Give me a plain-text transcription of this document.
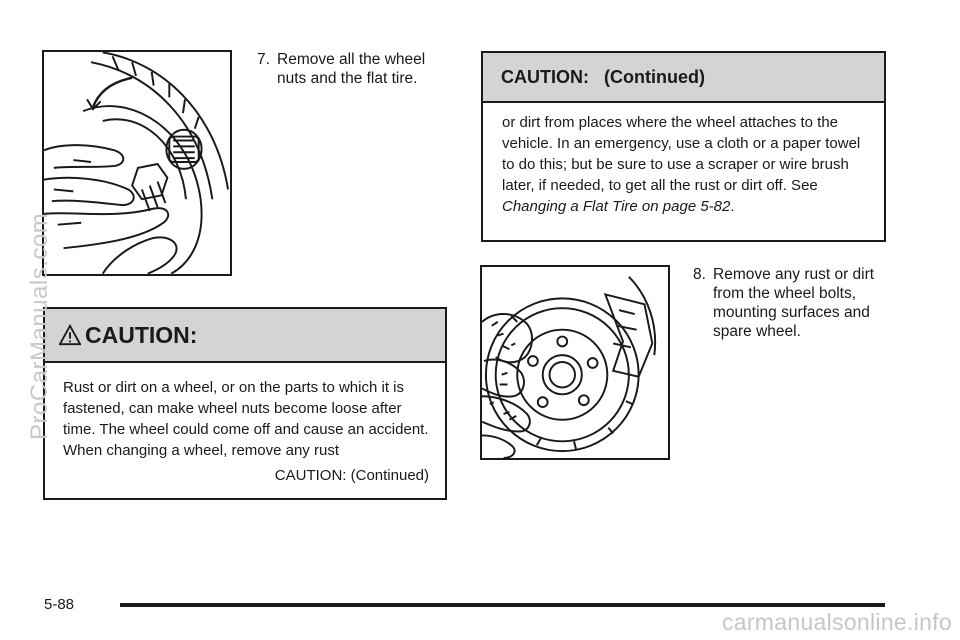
7. Remove all the wheel nuts and the flat tire.

CAUTION:
Rust or dirt on a wheel, or on the parts to which it is fastened, can make wheel nuts become loose after time. The wheel could come off and cause an accident. When changing a wheel, remove any rust
CAUTION: (Continued)
CAUTION:   (Continued)
or dirt from places where the wheel attaches to the vehicle. In an emergency, use a cloth or a paper towel to do this; but be sure to use a scraper or wire brush later, if needed, to get all the rust or dirt off. See Changing a Flat Tire on page 5-82.

8. Remove any rust or dirt from the wheel bolts, mounting surfaces and spare wheel.

ProCarManuals.com
5-88
carmanualsonline.info
